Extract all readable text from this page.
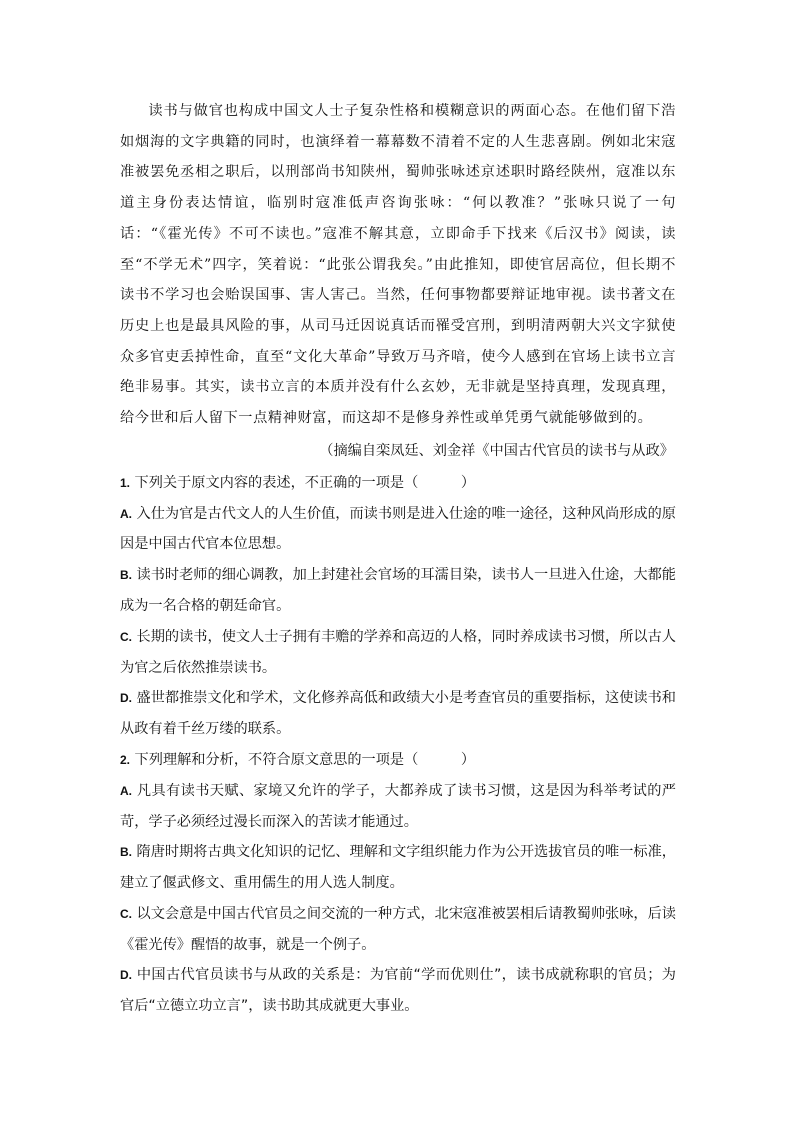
读书与做官也构成中国文人士子复杂性格和模糊意识的两面心态。在他们留下浩如烟海的文字典籍的同时，也演绎着一幕幕数不清着不定的人生悲喜剧。例如北宋寇准被罢免丞相之职后，以刑部尚书知陕州，蜀帅张咏述京述职时路经陕州，寇准以东道主身份表达情谊，临别时寇准低声咨询张咏：“何以教准？”张咏只说了一句话：“《霍光传》不可不读也。”寇准不解其意，立即命手下找来《后汉书》阅读，读至“不学无术”四字，笑着说：“此张公谓我矣。”由此推知，即使官居高位，但长期不读书不学习也会贻误国事、害人害己。当然，任何事物都要辩证地审视。读书著文在历史上也是最具风险的事，从司马迁因说真话而罹受宫刑，到明清两朝大兴文字狱使众多官吏丢掉性命，直至“文化大革命”导致万马齐喑，使今人感到在官场上读书立言绝非易事。其实，读书立言的本质并没有什么玄妙，无非就是坚持真理，发现真理，给今世和后人留下一点精神财富，而这却不是修身养性或单凭勇气就能够做到的。

（摘编自栾凤廷、刘金祥《中国古代官员的读书与从政》

1. 下列关于原文内容的表述，不正确的一项是（　　　）

A. 入仕为官是古代文人的人生价值，而读书则是进入仕途的唯一途径，这种风尚形成的原因是中国古代官本位思想。

B. 读书时老师的细心调教，加上封建社会官场的耳濡目染，读书人一旦进入仕途，大都能成为一名合格的朝廷命官。

C. 长期的读书，使文人士子拥有丰赡的学养和高迈的人格，同时养成读书习惯，所以古人为官之后依然推崇读书。

D. 盛世都推崇文化和学术，文化修养高低和政绩大小是考查官员的重要指标，这使读书和从政有着千丝万缕的联系。

2. 下列理解和分析，不符合原文意思的一项是（　　　）

A. 凡具有读书天赋、家境又允许的学子，大都养成了读书习惯，这是因为科举考试的严苛，学子必须经过漫长而深入的苦读才能通过。

B. 隋唐时期将古典文化知识的记忆、理解和文字组织能力作为公开选拔官员的唯一标准，建立了偃武修文、重用儒生的用人选人制度。

C. 以文会意是中国古代官员之间交流的一种方式，北宋寇准被罢相后请教蜀帅张咏，后读《霍光传》醒悟的故事，就是一个例子。

D. 中国古代官员读书与从政的关系是：为官前“学而优则仕”，读书成就称职的官员；为官后“立德立功立言”，读书助其成就更大事业。
